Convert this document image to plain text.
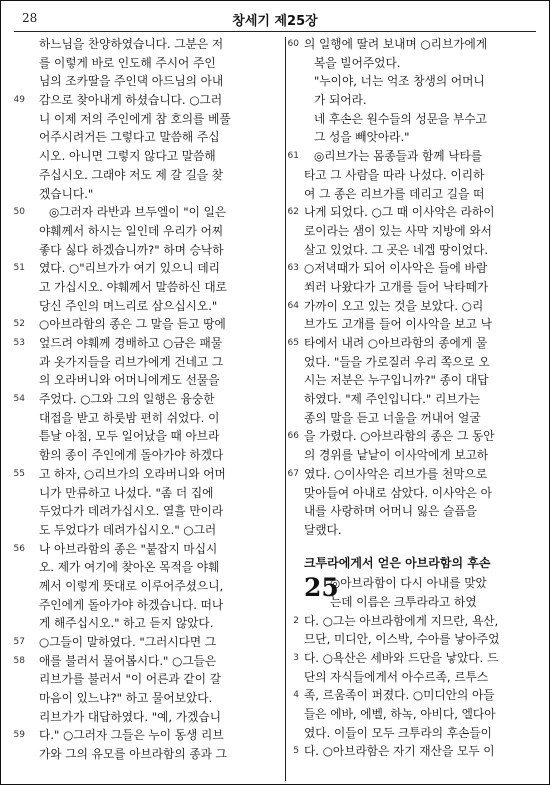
28	창세기 제25장
하느님을 찬양하였습니다. 그분은 저
를 이렇게 바로 인도해 주시어 주인
님의 조카딸을 주인댁 아드님의 아내
49 감으로 찾아내게 하셨습니다. ○그러
니 이제 저의 주인에게 참 호의를 베풀
어주시려거든 그렇다고 말씀해 주십
시오. 아니면 그렇지 않다고 말씀해
주십시오. 그래야 저도 제 갈 길을 찾
겠습니다."
50 ◎그러자 라반과 브두엘이 "이 일은
야훼께서 하시는 일인데 우리가 어찌
좋다 싫다 하겠습니까?" 하며 승낙하
51 였다. ○"리브가가 여기 있으니 데리
고 가십시오. 야훼께서 말씀하신 대로
당신 주인의 며느리로 삼으십시오."
52 ○아브라함의 종은 그 말을 듣고 땅에
53 엎드려 야훼께 경배하고 ○금은 패물
과 옷가지들을 리브가에게 건네고 그
의 오라버니와 어머니에게도 선물을
54 주었다. ○그와 그의 일행은 융숭한
대접을 받고 하룻밤 편히 쉬었다. 이
튿날 아침, 모두 일어났을 때 아브라
함의 종이 주인에게 돌아가야 하겠다
55 고 하자, ○리브가의 오라버니와 어머
니가 만류하고 나섰다. "좀 더 집에
두었다가 데려가십시오. 열흘 만이라
도 두었다가 데려가십시오." ○그러
56 나 아브라함의 종은 "붙잡지 마십시
오. 제가 여기에 찾아온 목적을 야훼
께서 이렇게 뜻대로 이루어주셨으니,
주인에게 돌아가야 하겠습니다. 떠나
게 해주십시오." 하고 듣지 않았다.
57 ○그들이 말하였다. "그러시다면 그
58 애를 불러서 물어봅시다." ○그들은
리브가를 불러서 "이 어른과 같이 갈
마음이 있느냐?" 하고 물어보았다.
리브가가 대답하였다. "예, 가겠습니
59 다." ○그러자 그들은 누이 동생 리브
가와 그의 유모를 아브라함의 종과 그
60 의 일행에 딸려 보내며 ○리브가에게
복을 빌어주었다.
"누이야, 너는 억조 창생의 어머니
가 되어라.
네 후손은 원수들의 성문을 부수고
그 성을 빼앗아라."
61 ◎리브가는 몸종들과 함께 낙타를
타고 그 사람을 따라 나섰다. 이리하
여 그 종은 리브가를 데리고 길을 떠
62 나게 되었다. ○그 때 이사악은 라하이
로이라는 샘이 있는 사막 지방에 와서
살고 있었다. 그 곳은 네겝 땅이었다.
63 ○저녁때가 되어 이사악은 들에 바람
쐬러 나왔다가 고개를 들어 낙타떼가
64 가까이 오고 있는 것을 보았다. ○리
브가도 고개를 들어 이사악을 보고 낙
65 타에서 내려 ○아브라함의 종에게 물
었다. "들을 가로질러 우리 쪽으로 오
시는 저분은 누구입니까?" 종이 대답
하였다. "제 주인입니다." 리브가는
종의 말을 듣고 너울을 꺼내어 얼굴
66 을 가렸다. ○아브라함의 종은 그 동안
의 경위를 낱낱이 이사악에게 보고하
67 였다. ○이사악은 리브가를 천막으로
맞아들여 아내로 삼았다. 이사악은 아
내를 사랑하며 어머니 잃은 슬픔을
달랬다.
크투라에게서 얻은 아브라함의 후손
25
◎아브라함이 다시 아내를 맞았
는데 이름은 크투라라고 하였
2 다. ○그는 아브라함에게 지므란, 욕산,
므단, 미디안, 이스박, 수아를 낳아주었
3 다. ○욕산은 세바와 드단을 낳았다. 드
단의 자식들에게서 아수르족, 르투스
4 족, 르움족이 퍼졌다. ○미디안의 아들
들은 에바, 에벨, 하녹, 아비다, 엘다아
였다. 이들이 모두 크투라의 후손들이
5 다. ○아브라함은 자기 재산을 모두 이
